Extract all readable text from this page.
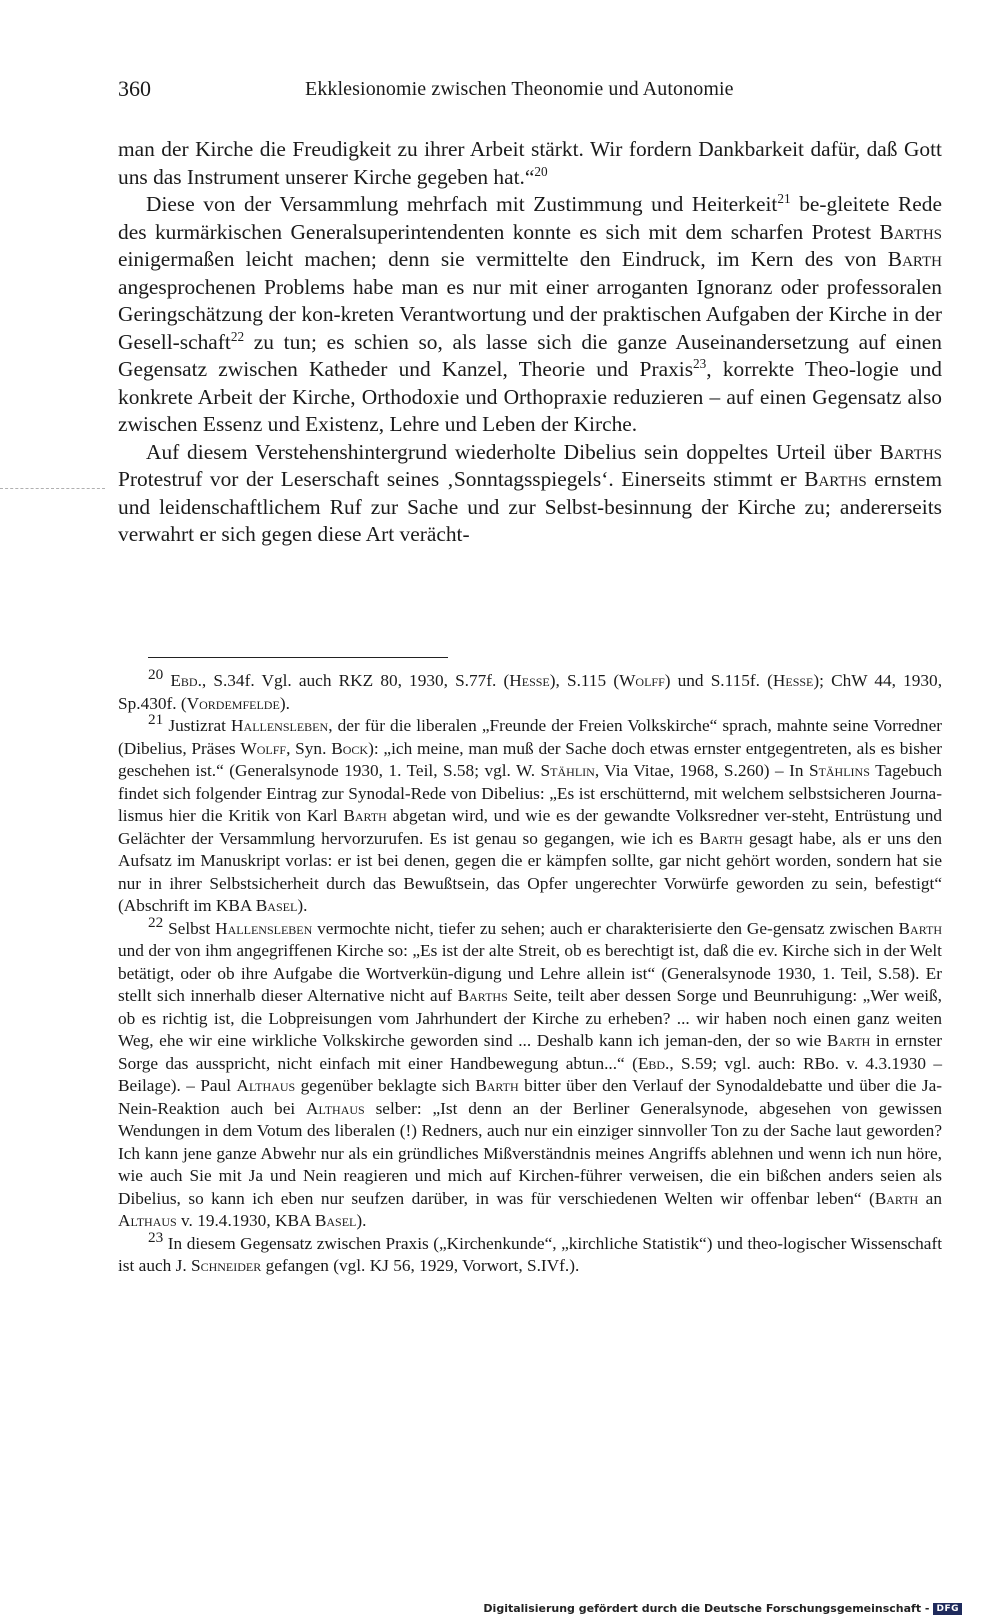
360	Ekklesionomie zwischen Theonomie und Autonomie

man der Kirche die Freudigkeit zu ihrer Arbeit stärkt. Wir fordern Dankbarkeit dafür, daß Gott uns das Instrument unserer Kirche gegeben hat.“$^{20}$

Diese von der Versammlung mehrfach mit Zustimmung und Heiterkeit$^{21}$ be-gleitete Rede des kurmärkischen Generalsuperintendenten konnte es sich mit dem scharfen Protest Barths einigermaßen leicht machen; denn sie vermittelte den Eindruck, im Kern des von Barth angesprochenen Problems habe man es nur mit einer arroganten Ignoranz oder professoralen Geringschätzung der kon-kreten Verantwortung und der praktischen Aufgaben der Kirche in der Gesell-schaft$^{22}$ zu tun; es schien so, als lasse sich die ganze Auseinandersetzung auf einen Gegensatz zwischen Katheder und Kanzel, Theorie und Praxis$^{23}$, korrekte Theo-logie und konkrete Arbeit der Kirche, Orthodoxie und Orthopraxie reduzieren – auf einen Gegensatz also zwischen Essenz und Existenz, Lehre und Leben der Kirche.

Auf diesem Verstehenshintergrund wiederholte Dibelius sein doppeltes Urteil über Barths Protestruf vor der Leserschaft seines ‚Sonntagsspiegels‘. Einerseits stimmt er Barths ernstem und leidenschaftlichem Ruf zur Sache und zur Selbst-besinnung der Kirche zu; andererseits verwahrt er sich gegen diese Art verächt-

$^{20}$ Ebd., S.34f. Vgl. auch RKZ 80, 1930, S.77f. (Hesse), S.115 (Wolff) und S.115f. (Hesse); ChW 44, 1930, Sp.430f. (Vordemfelde).

$^{21}$ Justizrat Hallensleben, der für die liberalen „Freunde der Freien Volkskirche“ sprach, mahnte seine Vorredner (Dibelius, Präses Wolff, Syn. Bock): „ich meine, man muß der Sache doch etwas ernster entgegentreten, als es bisher geschehen ist.“ (Generalsynode 1930, 1. Teil, S.58; vgl. W. Stählin, Via Vitae, 1968, S.260) – In Stählins Tagebuch findet sich folgender Eintrag zur Synodal-Rede von Dibelius: „Es ist erschütternd, mit welchem selbstsicheren Journa-lismus hier die Kritik von Karl Barth abgetan wird, und wie es der gewandte Volksredner ver-steht, Entrüstung und Gelächter der Versammlung hervorzurufen. Es ist genau so gegangen, wie ich es Barth gesagt habe, als er uns den Aufsatz im Manuskript vorlas: er ist bei denen, gegen die er kämpfen sollte, gar nicht gehört worden, sondern hat sie nur in ihrer Selbstsicherheit durch das Bewußtsein, das Opfer ungerechter Vorwürfe geworden zu sein, befestigt“ (Abschrift im KBA Basel).

$^{22}$ Selbst Hallensleben vermochte nicht, tiefer zu sehen; auch er charakterisierte den Ge-gensatz zwischen Barth und der von ihm angegriffenen Kirche so: „Es ist der alte Streit, ob es berechtigt ist, daß die ev. Kirche sich in der Welt betätigt, oder ob ihre Aufgabe die Wortverkün-digung und Lehre allein ist“ (Generalsynode 1930, 1. Teil, S.58). Er stellt sich innerhalb dieser Alternative nicht auf Barths Seite, teilt aber dessen Sorge und Beunruhigung: „Wer weiß, ob es richtig ist, die Lobpreisungen vom Jahrhundert der Kirche zu erheben? ... wir haben noch einen ganz weiten Weg, ehe wir eine wirkliche Volkskirche geworden sind ... Deshalb kann ich jeman-den, der so wie Barth in ernster Sorge das ausspricht, nicht einfach mit einer Handbewegung abtun...“ (Ebd., S.59; vgl. auch: RBo. v. 4.3.1930 – Beilage). – Paul Althaus gegenüber beklagte sich Barth bitter über den Verlauf der Synodaldebatte und über die Ja-Nein-Reaktion auch bei Althaus selber: „Ist denn an der Berliner Generalsynode, abgesehen von gewissen Wendungen in dem Votum des liberalen (!) Redners, auch nur ein einziger sinnvoller Ton zu der Sache laut geworden? Ich kann jene ganze Abwehr nur als ein gründliches Mißverständnis meines Angriffs ablehnen und wenn ich nun höre, wie auch Sie mit Ja und Nein reagieren und mich auf Kirchen-führer verweisen, die ein bißchen anders seien als Dibelius, so kann ich eben nur seufzen darüber, in was für verschiedenen Welten wir offenbar leben“ (Barth an Althaus v. 19.4.1930, KBA Basel).

$^{23}$ In diesem Gegensatz zwischen Praxis („Kirchenkunde“, „kirchliche Statistik“) und theo-logischer Wissenschaft ist auch J. Schneider gefangen (vgl. KJ 56, 1929, Vorwort, S.IVf.).

Digitalisierung gefördert durch die Deutsche Forschungsgemeinschaft - DFG
